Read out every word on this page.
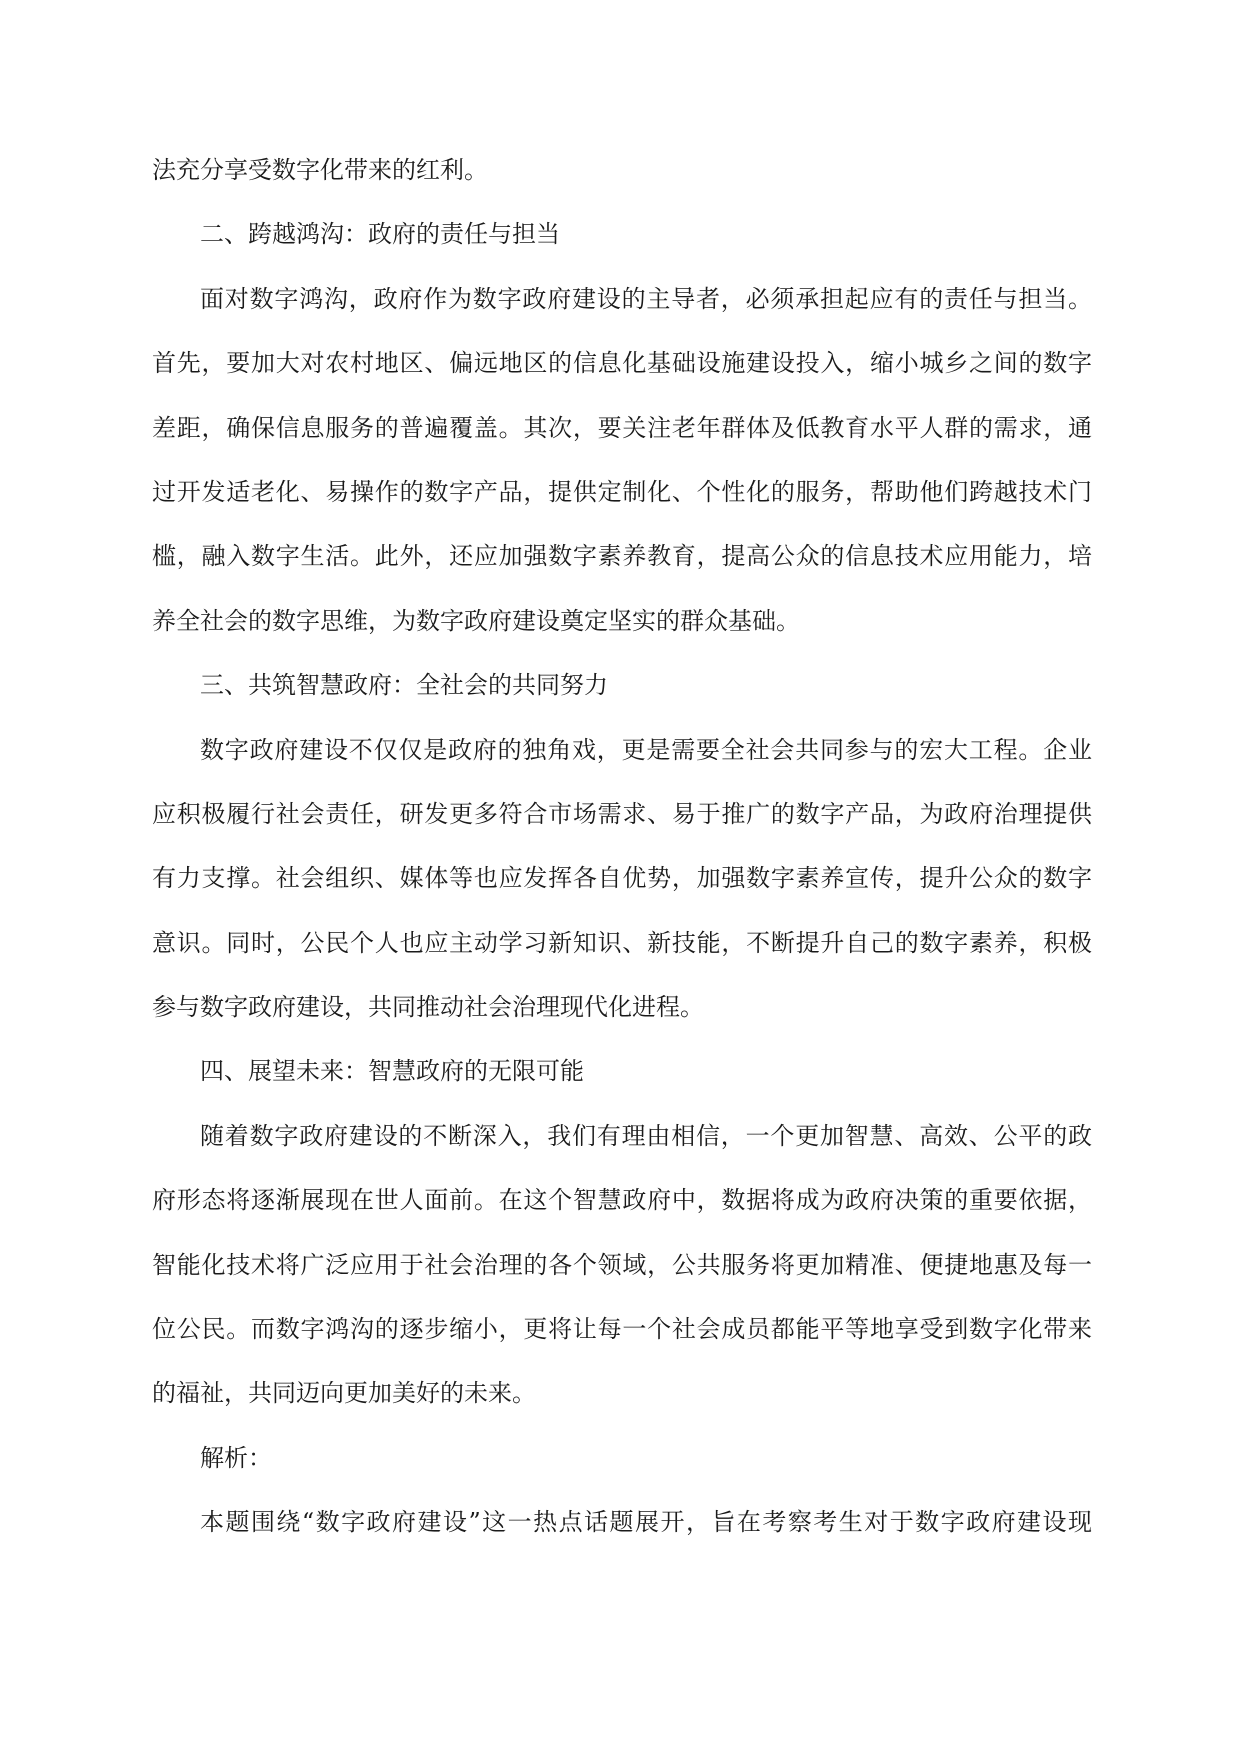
法充分享受数字化带来的红利。
二、跨越鸿沟：政府的责任与担当
面对数字鸿沟，政府作为数字政府建设的主导者，必须承担起应有的责任与担当。
首先，要加大对农村地区、偏远地区的信息化基础设施建设投入，缩小城乡之间的数字
差距，确保信息服务的普遍覆盖。其次，要关注老年群体及低教育水平人群的需求，通
过开发适老化、易操作的数字产品，提供定制化、个性化的服务，帮助他们跨越技术门
槛，融入数字生活。此外，还应加强数字素养教育，提高公众的信息技术应用能力，培
养全社会的数字思维，为数字政府建设奠定坚实的群众基础。
三、共筑智慧政府：全社会的共同努力
数字政府建设不仅仅是政府的独角戏，更是需要全社会共同参与的宏大工程。企业
应积极履行社会责任，研发更多符合市场需求、易于推广的数字产品，为政府治理提供
有力支撑。社会组织、媒体等也应发挥各自优势，加强数字素养宣传，提升公众的数字
意识。同时，公民个人也应主动学习新知识、新技能，不断提升自己的数字素养，积极
参与数字政府建设，共同推动社会治理现代化进程。
四、展望未来：智慧政府的无限可能
随着数字政府建设的不断深入，我们有理由相信，一个更加智慧、高效、公平的政
府形态将逐渐展现在世人面前。在这个智慧政府中，数据将成为政府决策的重要依据，
智能化技术将广泛应用于社会治理的各个领域，公共服务将更加精准、便捷地惠及每一
位公民。而数字鸿沟的逐步缩小，更将让每一个社会成员都能平等地享受到数字化带来
的福祉，共同迈向更加美好的未来。
解析：
本题围绕“数字政府建设”这一热点话题展开，旨在考察考生对于数字政府建设现
